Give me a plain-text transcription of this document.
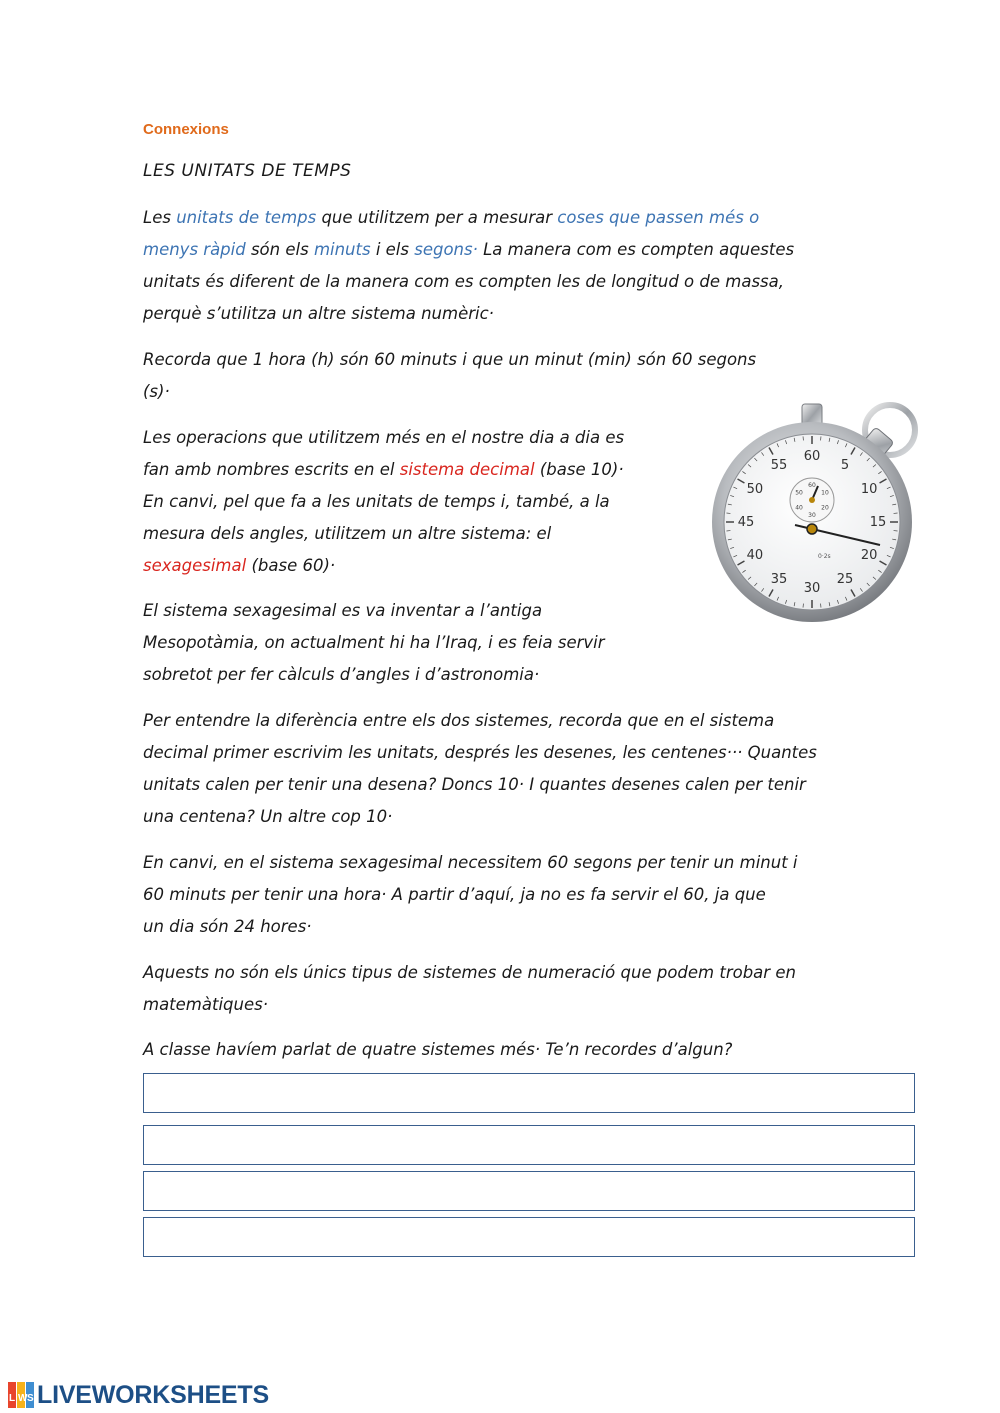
Connexions
LES UNITATS DE TEMPS
Les unitats de temps que utilitzem per a mesurar coses que passen més o
menys ràpid són els minuts i els segons· La manera com es compten aquestes
unitats és diferent de la manera com es compten les de longitud o de massa,
perquè s’utilitza un altre sistema numèric·
Recorda que 1 hora (h) són 60 minuts i que un minut (min) són 60 segons
(s)·
Les operacions que utilitzem més en el nostre dia a dia es
fan amb nombres escrits en el sistema decimal (base 10)·
En canvi, pel que fa a les unitats de temps i, també, a la
mesura dels angles, utilitzem un altre sistema: el
sexagesimal (base 60)·
El sistema sexagesimal es va inventar a l’antiga
Mesopotàmia, on actualment hi ha l’Iraq, i es feia servir
sobretot per fer càlculs d’angles i d’astronomia·
Per entendre la diferència entre els dos sistemes, recorda que en el sistema
decimal primer escrivim les unitats, després les desenes, les centenes··· Quantes
unitats calen per tenir una desena? Doncs 10· I quantes desenes calen per tenir
una centena? Un altre cop 10·
En canvi, en el sistema sexagesimal necessitem 60 segons per tenir un minut i
60 minuts per tenir una hora· A partir d’aquí, ja no es fa servir el 60, ja que
un dia són 24 hores·
Aquests no són els únics tipus de sistemes de numeració que podem trobar en
matemàtiques·
A classe havíem parlat de quatre sistemes més· Te’n recordes d’algun?
5
10
15
20
25
30
35
40
45
50
55
60
10
20
30
40
50
60
0·2s
L W S LIVEWORKSHEETS
